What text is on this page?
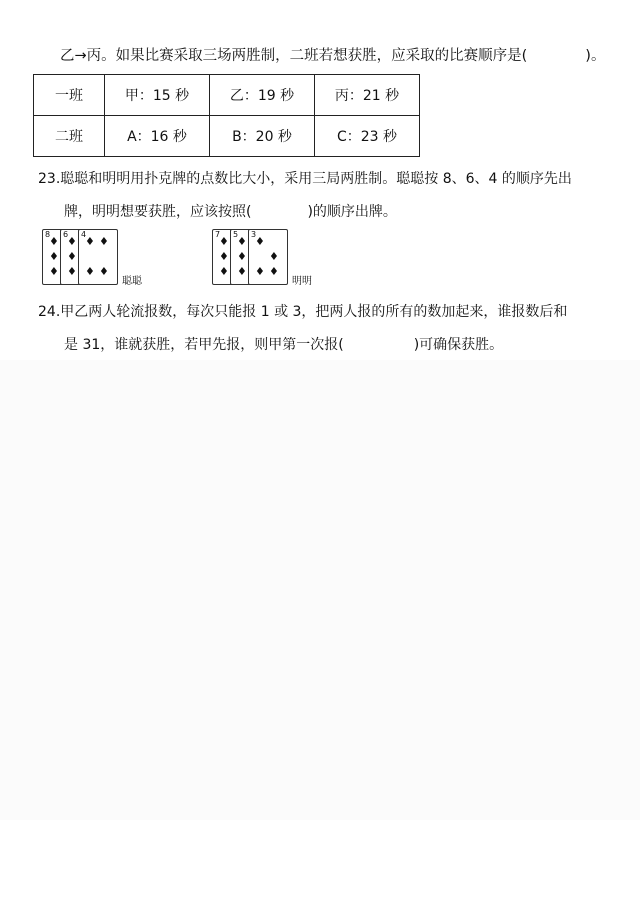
乙→丙。如果比赛采取三场两胜制，二班若想获胜，应采取的比赛顺序是(　　　　)。
一班	甲：15 秒	乙：19 秒	丙：21 秒
二班	A：16 秒	B：20 秒	C：23 秒
23.聪聪和明明用扑克牌的点数比大小，采用三局两胜制。聪聪按 8、6、4 的顺序先出
牌，明明想要获胜，应该按照(　　　　)的顺序出牌。
8
♦
♦
♦
6
♦
♦
♦
4
♦ ♦
♦ ♦
聪聪
7
♦
♦
♦
5
♦
♦
♦
3
♦
♦
♦ ♦
明明
24.甲乙两人轮流报数，每次只能报 1 或 3，把两人报的所有的数加起来，谁报数后和
是 31，谁就获胜，若甲先报，则甲第一次报(　　　　　)可确保获胜。
